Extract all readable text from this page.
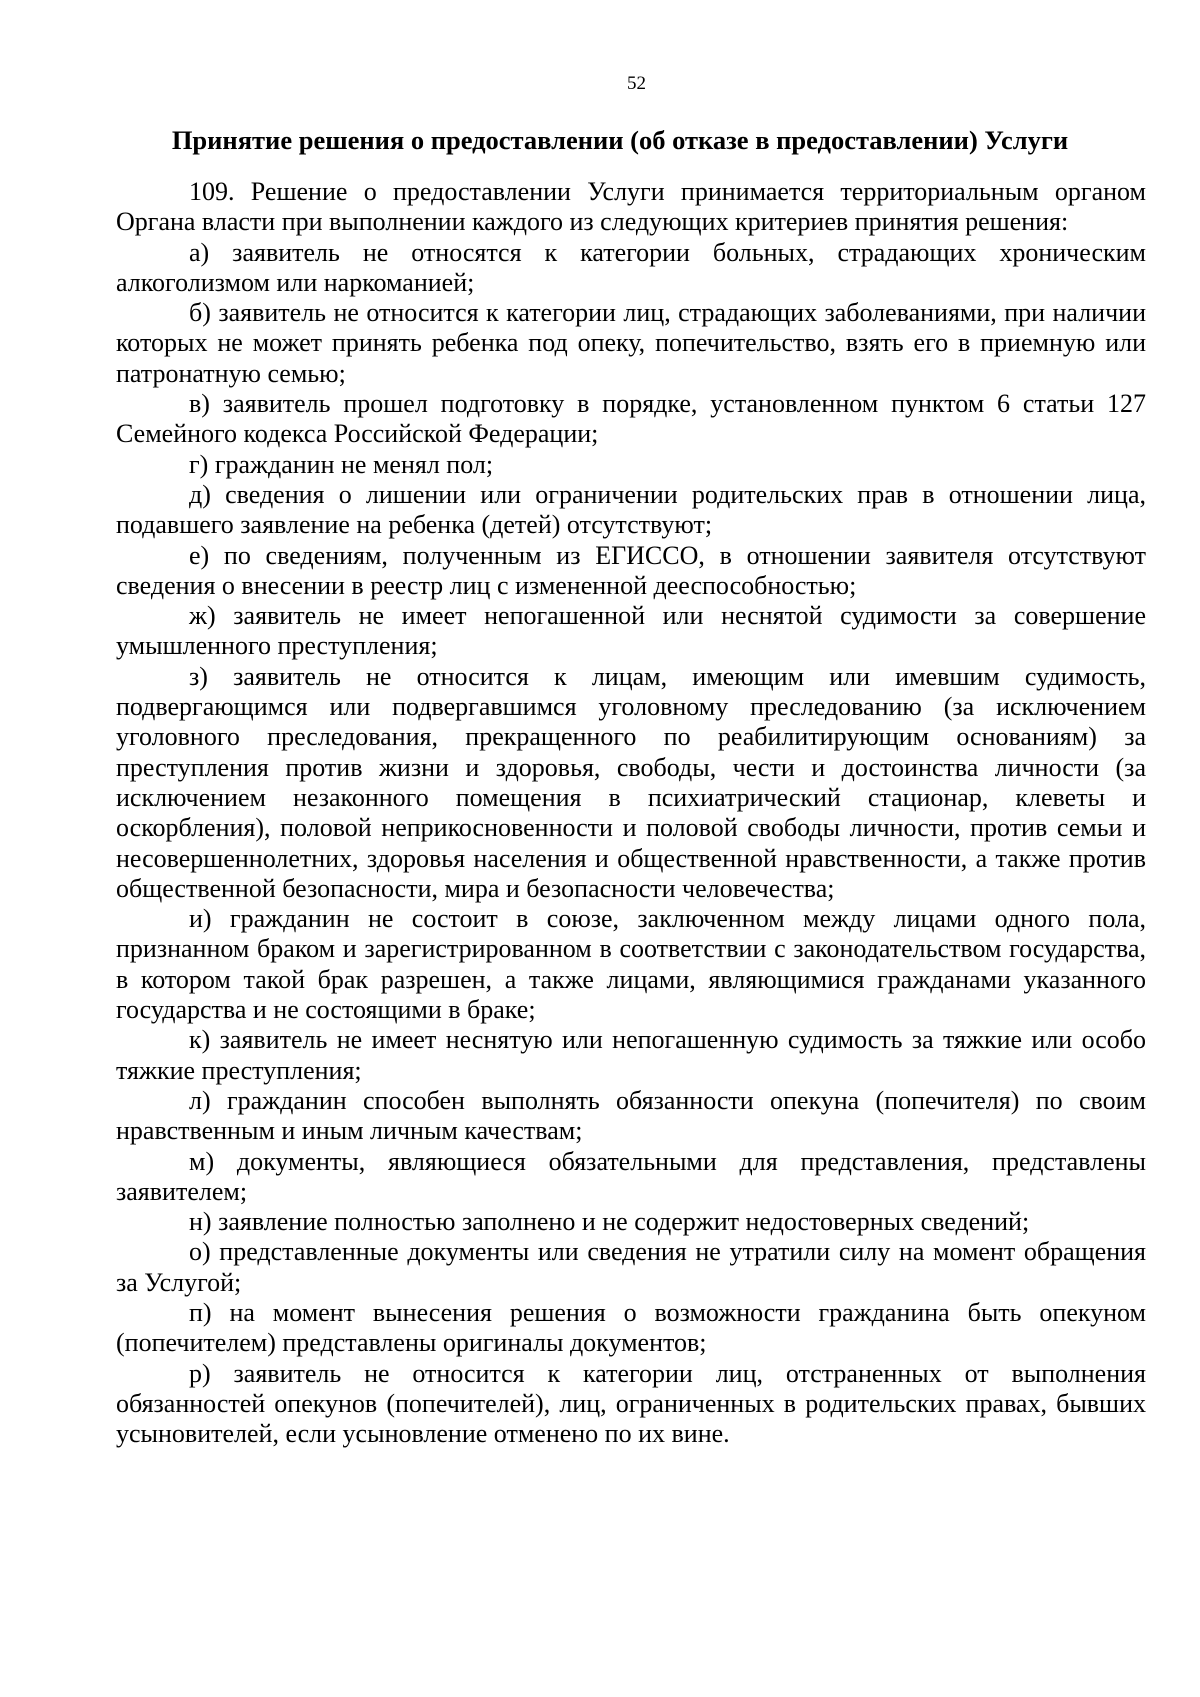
52
Принятие решения о предоставлении (об отказе в предоставлении) Услуги

109. Решение о предоставлении Услуги принимается территориальным органом Органа власти при выполнении каждого из следующих критериев принятия решения:

а) заявитель не относятся к категории больных, страдающих хроническим алкоголизмом или наркоманией;

б) заявитель не относится к категории лиц, страдающих заболеваниями, при наличии которых не может принять ребенка под опеку, попечительство, взять его в приемную или патронатную семью;

в) заявитель прошел подготовку в порядке, установленном пунктом 6 статьи 127 Семейного кодекса Российской Федерации;

г) гражданин не менял пол;

д) сведения о лишении или ограничении родительских прав в отношении лица, подавшего заявление на ребенка (детей) отсутствуют;

е) по сведениям, полученным из ЕГИССО, в отношении заявителя отсутствуют сведения о внесении в реестр лиц с измененной дееспособностью;

ж) заявитель не имеет непогашенной или неснятой судимости за совершение умышленного преступления;

з) заявитель не относится к лицам, имеющим или имевшим судимость, подвергающимся или подвергавшимся уголовному преследованию (за исключением уголовного преследования, прекращенного по реабилитирующим основаниям) за преступления против жизни и здоровья, свободы, чести и достоинства личности (за исключением незаконного помещения в психиатрический стационар, клеветы и оскорбления), половой неприкосновенности и половой свободы личности, против семьи и несовершеннолетних, здоровья населения и общественной нравственности, а также против общественной безопасности, мира и безопасности человечества;

и) гражданин не состоит в союзе, заключенном между лицами одного пола, признанном браком и зарегистрированном в соответствии с законодательством государства, в котором такой брак разрешен, а также лицами, являющимися гражданами указанного государства и не состоящими в браке;

к) заявитель не имеет неснятую или непогашенную судимость за тяжкие или особо тяжкие преступления;

л) гражданин способен выполнять обязанности опекуна (попечителя) по своим нравственным и иным личным качествам;

м) документы, являющиеся обязательными для представления, представлены заявителем;

н) заявление полностью заполнено и не содержит недостоверных сведений;

о) представленные документы или сведения не утратили силу на момент обращения за Услугой;

п) на момент вынесения решения о возможности гражданина быть опекуном (попечителем) представлены оригиналы документов;

р) заявитель не относится к категории лиц, отстраненных от выполнения обязанностей опекунов (попечителей), лиц, ограниченных в родительских правах, бывших усыновителей, если усыновление отменено по их вине.
